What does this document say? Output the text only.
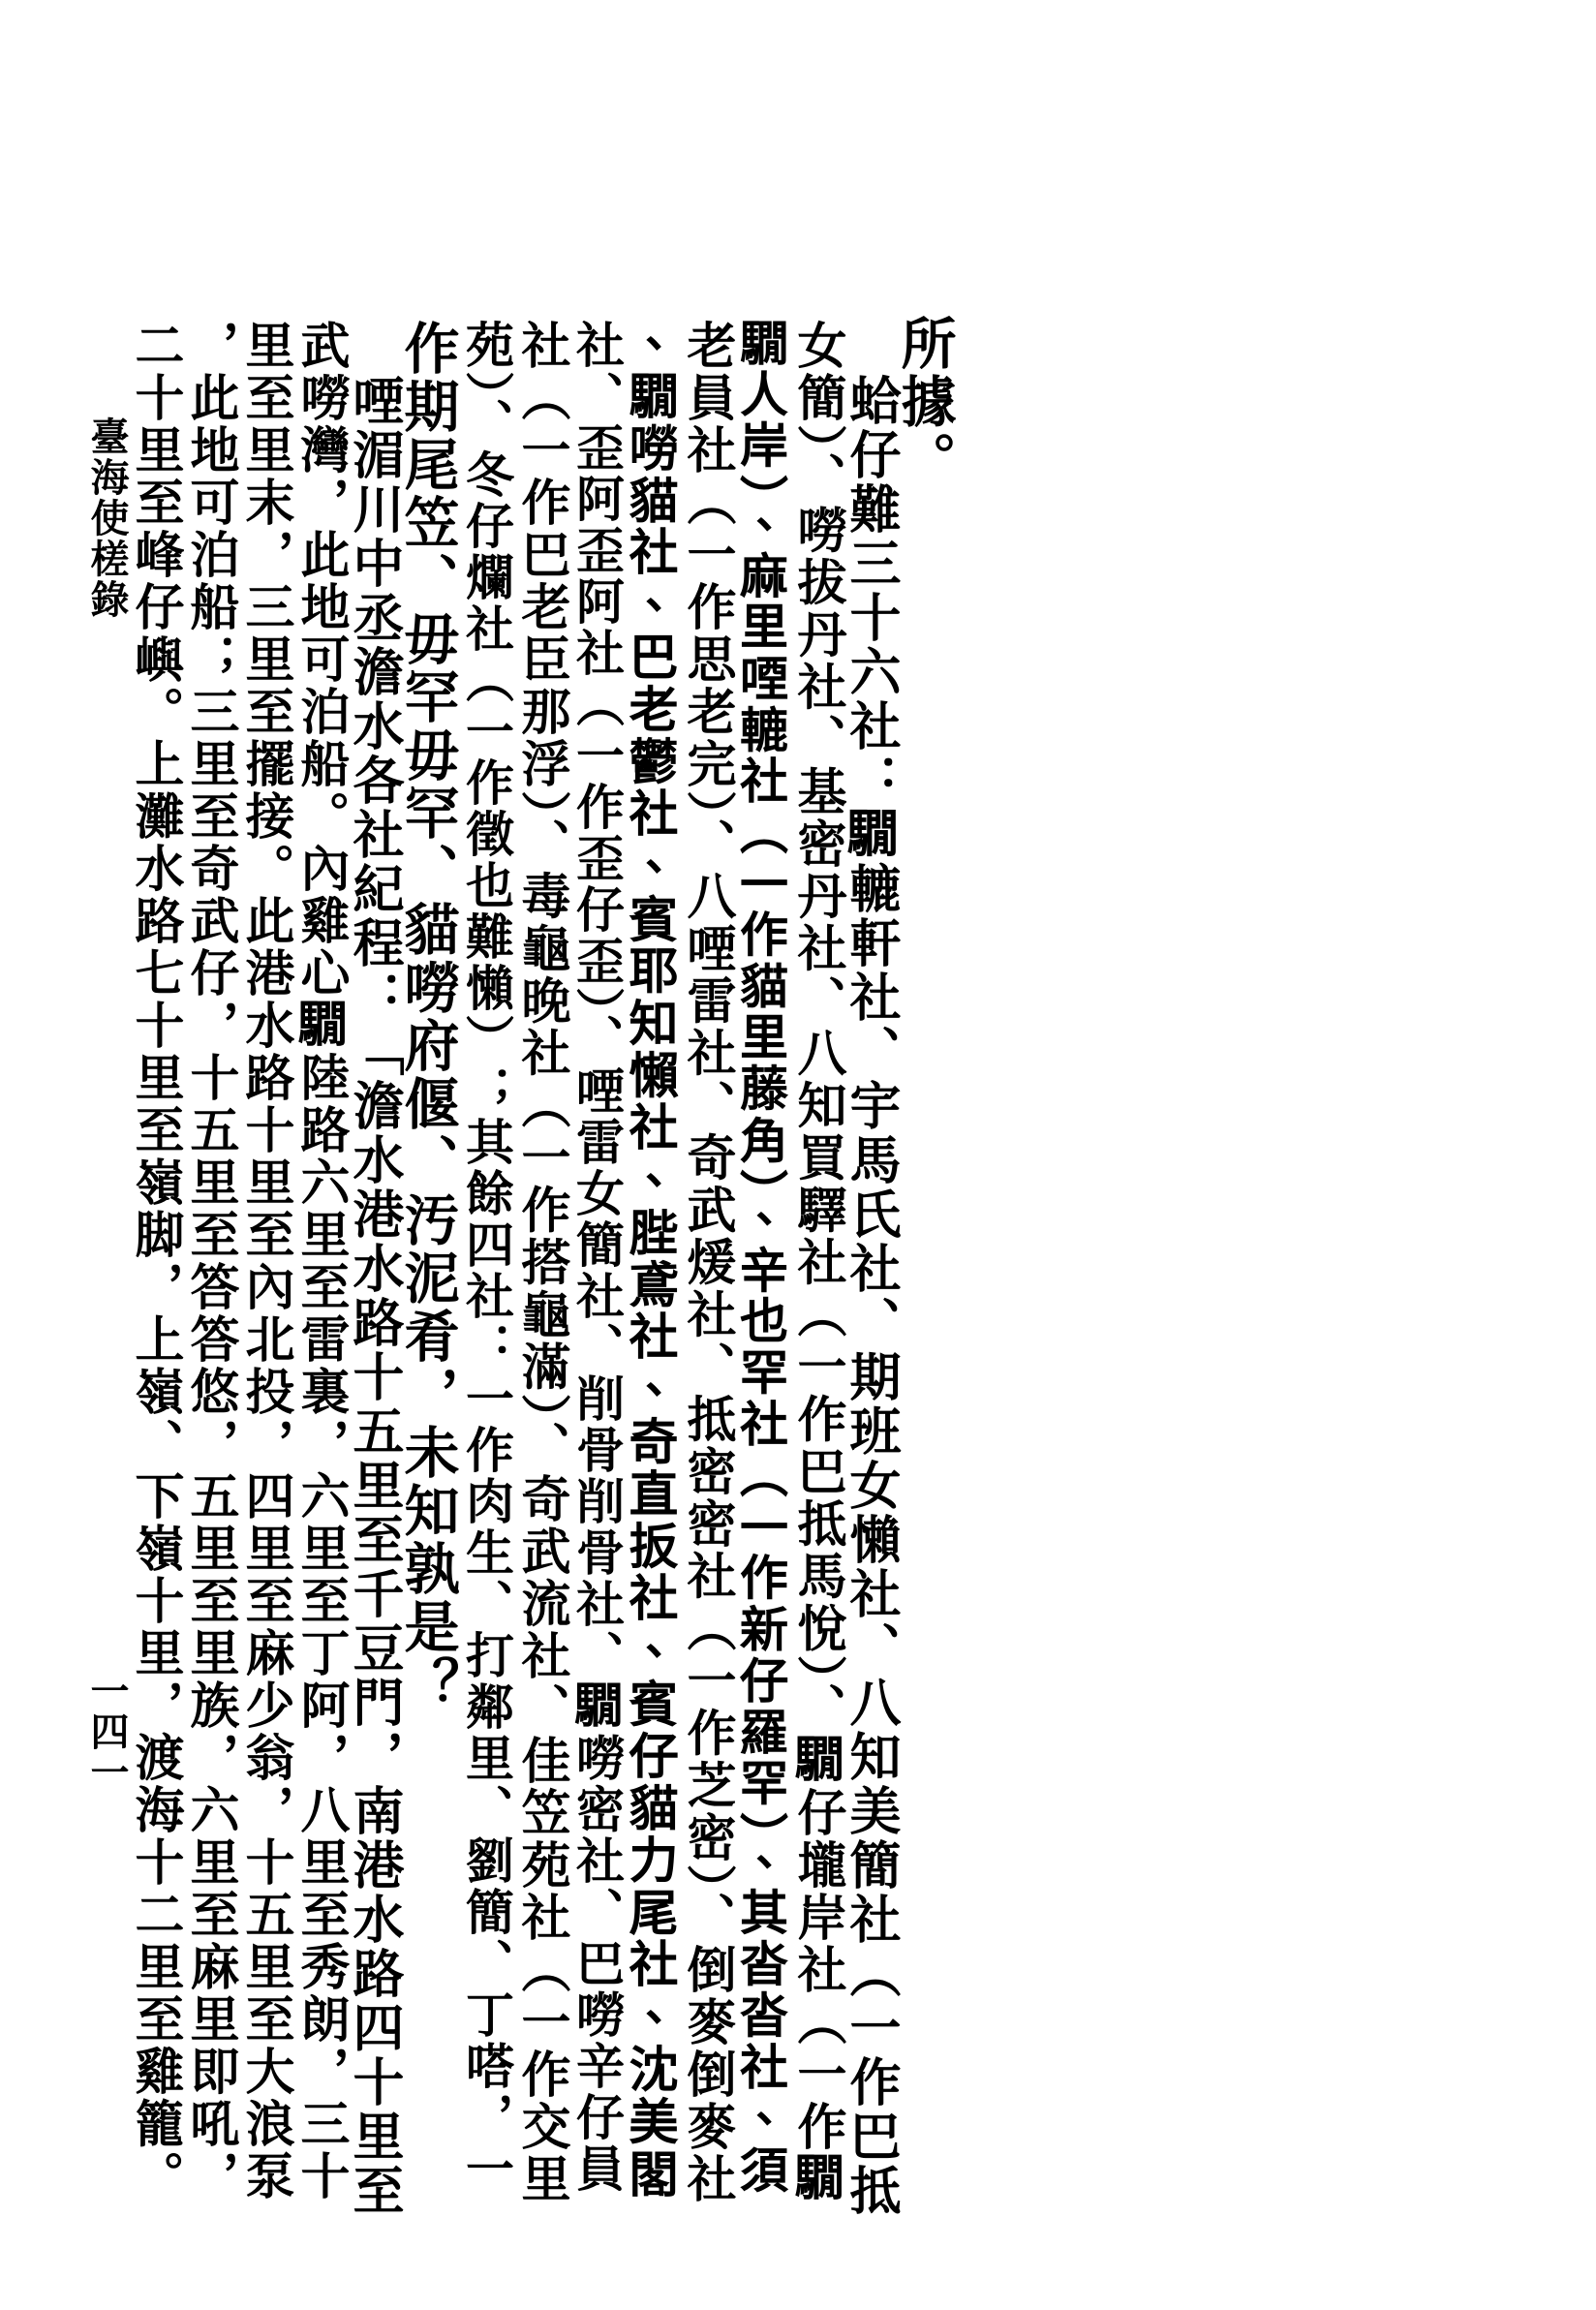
所據。
　蛤仔難三十六社：𩦂轆軒社、宇馬氏社、期班女懶社、八知美簡社（一作巴抵
女簡）、嘮拔丹社、基密丹社、八知買驛社（一作巴抵馬悅）、𩦂仔壠岸社（一作𩦂
𩦂人岸）、麻里㖶轆社（一作貓里藤角）、辛也罕社（一作新仔羅罕）、其沓沓社、須
老員社（一作思老完）、八㖶雷社、奇武煖社、抵密密社（一作芝密）、倒麥倒麥社
、𩦂嘮貓社、巴老鬱社、賓耶知懶社、䏶鳶社、奇直扳社、賓仔貓力尾社、沈美閣
社、歪阿歪阿社（一作歪仔歪）、㖶雷女簡社、削骨削骨社、𩦂嘮密社、巴嘮辛仔員
社（一作巴老臣那浮）、毒龜晚社（一作搭龜滿）、奇武流社、佳笠苑社（一作交里
苑）、冬仔爛社（一作徵也難懶）；其餘四社：一作肉生、打鄰里、劉簡、丁嗒，一
作期尾笠、毋罕毋罕、貓嘮府偃、汚泥肴，未知孰是？
　㖶湄川中丞澹水各社紀程：「澹水港水路十五里至千豆門，南港水路四十里至
武嘮灣，此地可泊船。內雞心𩦂陸路六里至雷裏，六里至丁阿，八里至秀朗，三十
里至里末，三里至擺接。此港水路十里至內北投，四里至麻少翁，十五里至大浪泵
，此地可泊船；三里至奇武仔，十五里至答答悠，五里至里族，六里至麻里即吼，
二十里至峰仔嶼。上灘水路七十里至嶺脚，上嶺、下嶺十里，渡海十二里至雞籠。
臺海使槎錄
一四一
